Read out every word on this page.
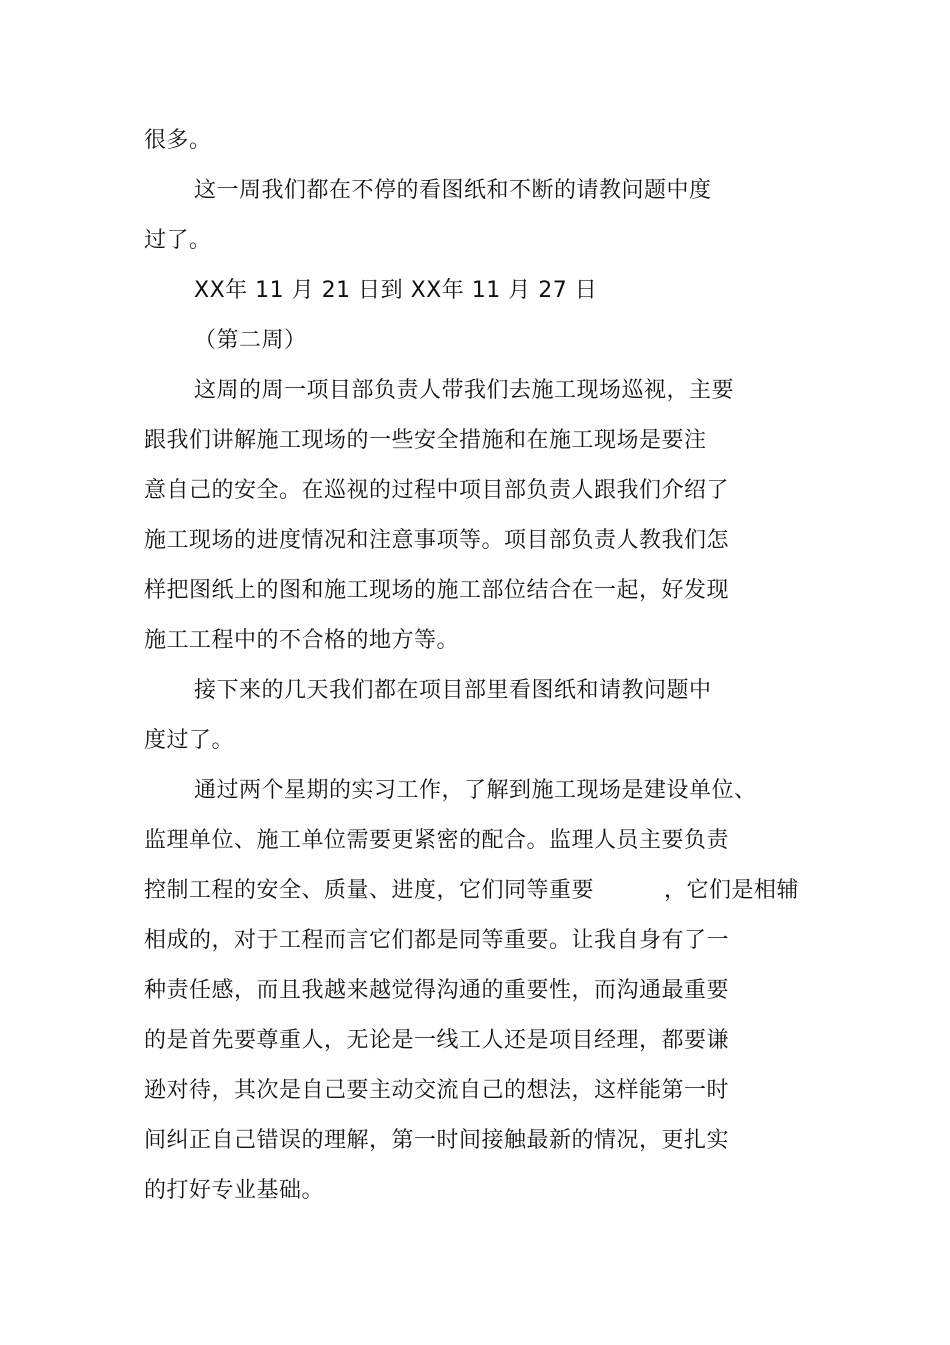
很多。
这一周我们都在不停的看图纸和不断的请教问题中度
过了。
XX年 11 月 21 日到 XX年 11 月 27 日
（第二周）
这周的周一项目部负责人带我们去施工现场巡视，主要
跟我们讲解施工现场的一些安全措施和在施工现场是要注
意自己的安全。在巡视的过程中项目部负责人跟我们介绍了
施工现场的进度情况和注意事项等。项目部负责人教我们怎
样把图纸上的图和施工现场的施工部位结合在一起，好发现
施工工程中的不合格的地方等。
接下来的几天我们都在项目部里看图纸和请教问题中
度过了。
通过两个星期的实习工作，了解到施工现场是建设单位、
监理单位、施工单位需要更紧密的配合。监理人员主要负责
控制工程的安全、质量、进度，它们同等重要	，它们是相辅
相成的，对于工程而言它们都是同等重要。让我自身有了一
种责任感，而且我越来越觉得沟通的重要性，而沟通最重要
的是首先要尊重人，无论是一线工人还是项目经理，都要谦
逊对待，其次是自己要主动交流自己的想法，这样能第一时
间纠正自己错误的理解，第一时间接触最新的情况，更扎实
的打好专业基础。
